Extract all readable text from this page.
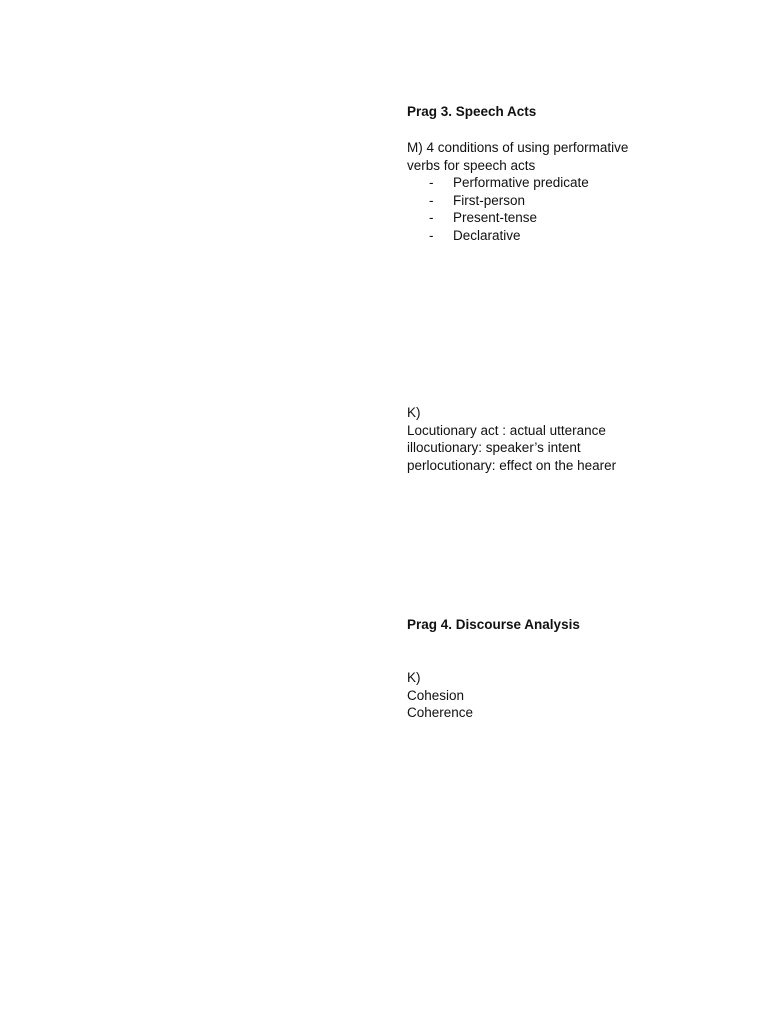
Prag 3. Speech Acts
M) 4 conditions of using performative
verbs for speech acts
- Performative predicate
- First-person
- Present-tense
- Declarative
K)
Locutionary act : actual utterance
illocutionary: speaker’s intent
perlocutionary: effect on the hearer
Prag 4. Discourse Analysis
K)
Cohesion
Coherence
